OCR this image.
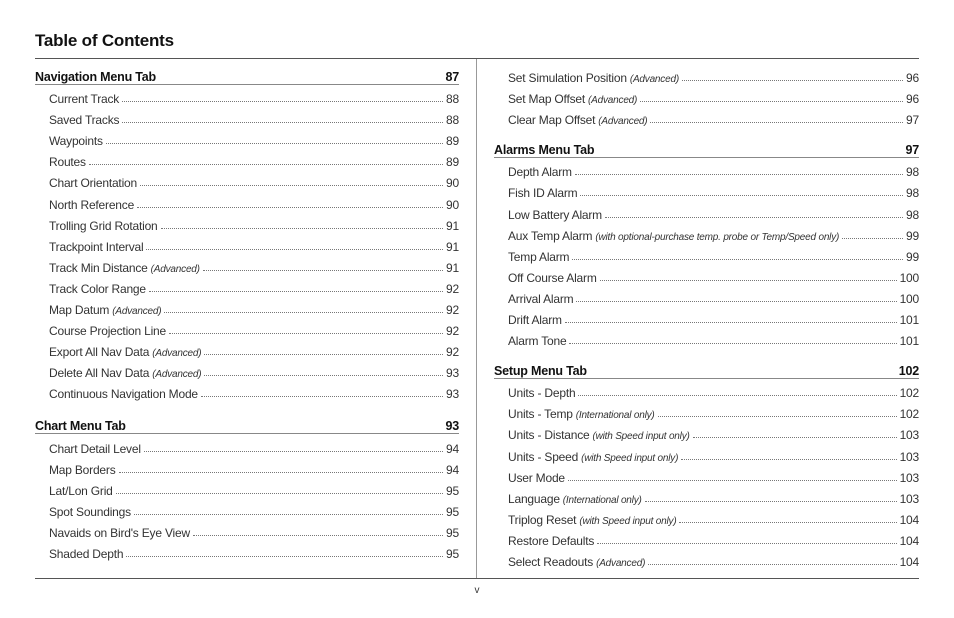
Table of Contents
Navigation Menu Tab	87
Current Track	88
Saved Tracks	88
Waypoints	89
Routes	89
Chart Orientation	90
North Reference	90
Trolling Grid Rotation	91
Trackpoint Interval	91
Track Min Distance (Advanced)	91
Track Color Range	92
Map Datum (Advanced)	92
Course Projection Line	92
Export All Nav Data (Advanced)	92
Delete All Nav Data (Advanced)	93
Continuous Navigation Mode	93
Chart Menu Tab	93
Chart Detail Level	94
Map Borders	94
Lat/Lon Grid	95
Spot Soundings	95
Navaids on Bird's Eye View	95
Shaded Depth	95
Set Simulation Position (Advanced)	96
Set Map Offset (Advanced)	96
Clear Map Offset (Advanced)	97
Alarms Menu Tab	97
Depth Alarm	98
Fish ID Alarm	98
Low Battery Alarm	98
Aux Temp Alarm (with optional-purchase temp. probe or Temp/Speed only)	99
Temp Alarm	99
Off Course Alarm	100
Arrival Alarm	100
Drift Alarm	101
Alarm Tone	101
Setup Menu Tab	102
Units - Depth	102
Units - Temp (International only)	102
Units - Distance (with Speed input only)	103
Units - Speed (with Speed input only)	103
User Mode	103
Language (International only)	103
Triplog Reset (with Speed input only)	104
Restore Defaults	104
Select Readouts (Advanced)	104
v
